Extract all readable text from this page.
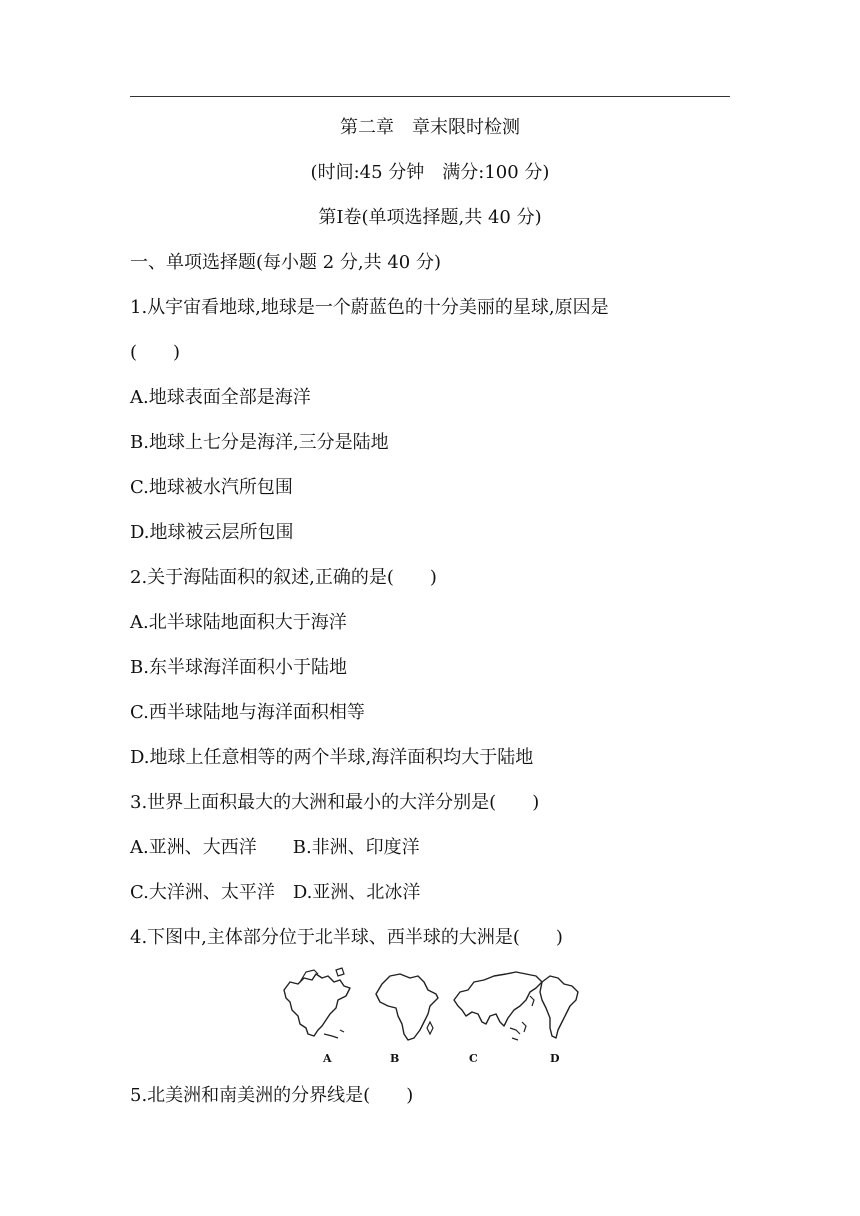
第二章　章末限时检测
(时间:45 分钟　满分:100 分)
第Ⅰ卷(单项选择题,共 40 分)
一、单项选择题(每小题 2 分,共 40 分)
1.从宇宙看地球,地球是一个蔚蓝色的十分美丽的星球,原因是
(　　)
A.地球表面全部是海洋
B.地球上七分是海洋,三分是陆地
C.地球被水汽所包围
D.地球被云层所包围
2.关于海陆面积的叙述,正确的是(　　)
A.北半球陆地面积大于海洋
B.东半球海洋面积小于陆地
C.西半球陆地与海洋面积相等
D.地球上任意相等的两个半球,海洋面积均大于陆地
3.世界上面积最大的大洲和最小的大洋分别是(　　)
A.亚洲、大西洋　　B.非洲、印度洋
C.大洋洲、太平洋　D.亚洲、北冰洋
4.下图中,主体部分位于北半球、西半球的大洲是(　　)
A	B	C	D
5.北美洲和南美洲的分界线是(　　)
